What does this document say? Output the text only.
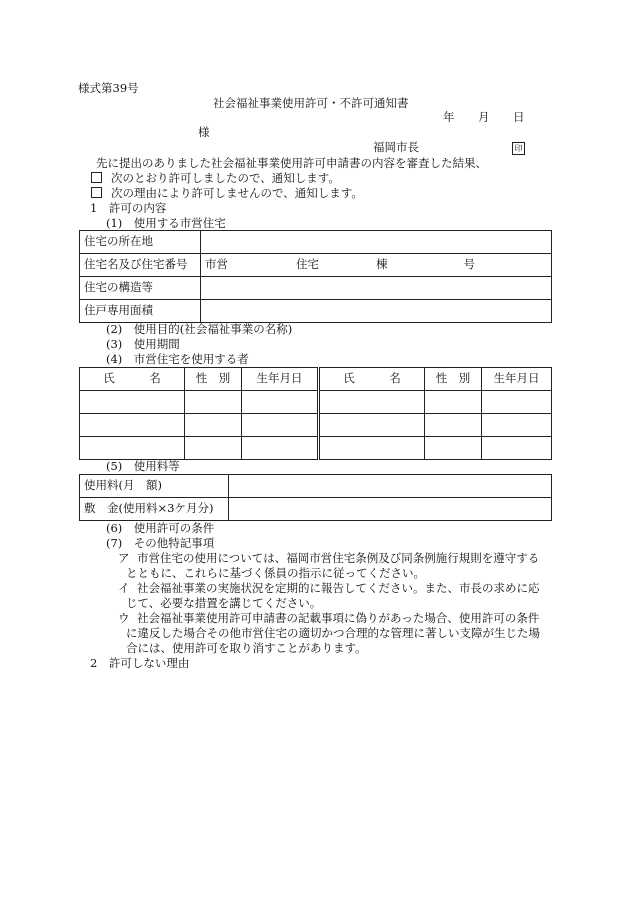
様式第39号
社会福祉事業使用許可・不許可通知書
年 月 日
様
福岡市長	印
先に提出のありました社会福祉事業使用許可申請書の内容を審査した結果、
次のとおり許可しましたので、通知します。
次の理由により許可しませんので、通知します。
1　許可の内容
(1)　使用する市営住宅
住宅の所在地	
住宅名及び住宅番号	市営 住宅 棟 号
住宅の構造等	
住戸専用面積	
(2)　使用目的(社会福祉事業の名称)
(3)　使用期間
(4)　市営住宅を使用する者
氏　　　名	性　別	生年月日	氏　　　名	性　別	生年月日

(5)　使用料等
使用料(月　額)	
敷　金(使用料×3ケ月分)	
(6)　使用許可の条件
(7)　その他特記事項
ア 市営住宅の使用については、福岡市営住宅条例及び同条例施行規則を遵守する
とともに、これらに基づく係員の指示に従ってください。
イ 社会福祉事業の実施状況を定期的に報告してください。また、市長の求めに応
じて、必要な措置を講じてください。
ウ 社会福祉事業使用許可申請書の記載事項に偽りがあった場合、使用許可の条件
に違反した場合その他市営住宅の適切かつ合理的な管理に著しい支障が生じた場
合には、使用許可を取り消すことがあります。
2　許可しない理由
